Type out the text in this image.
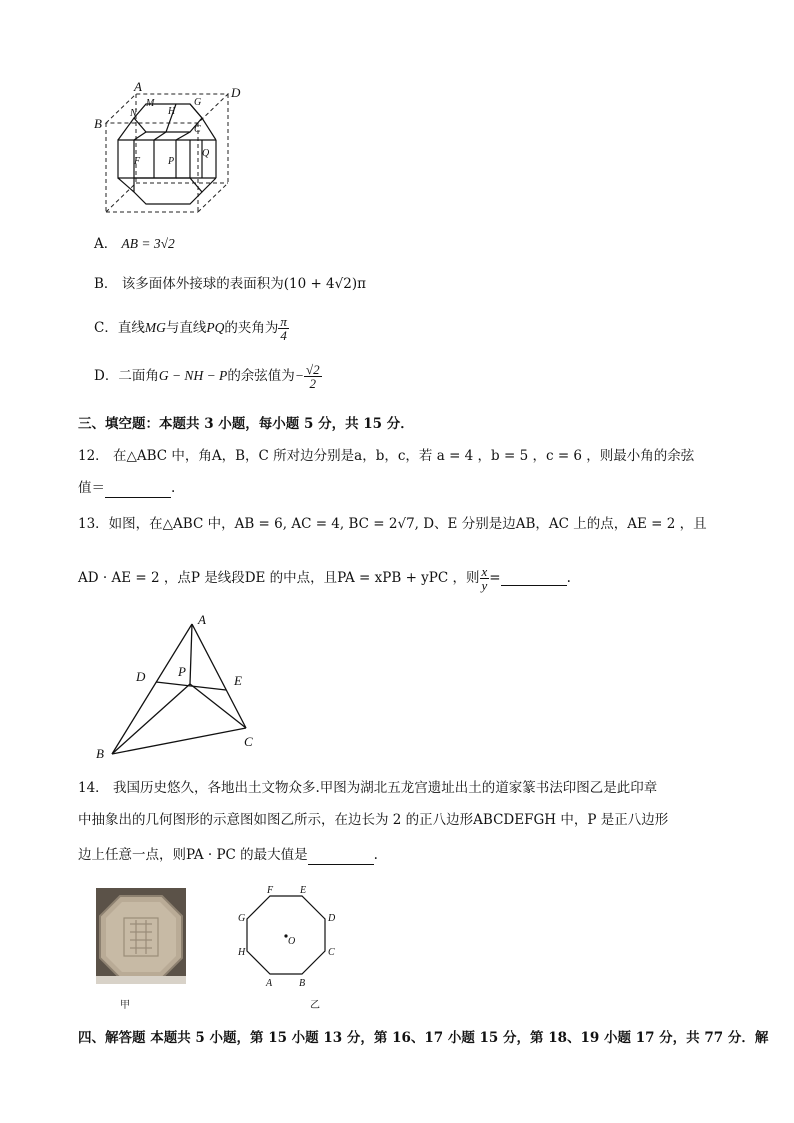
A
B
D
M
N	H
G
C
F	P
Q
A． AB = 3√2
B． 该多面体外接球的表面积为(10 + 4√2)π
C． 直线 MG 与直线 PQ 的夹角为 $\frac{\pi}{4}$
D． 二面角 G − NH − P 的余弦值为 − $\frac{√2}{2}$
三、填空题：本题共 3 小题，每小题 5 分，共 15 分．
12． 在△ABC 中，角A，B，C 所对边分别是a，b，c，若 a = 4 ，b = 5 ，c = 6 ，则最小角的余弦
值＝	.
13．如图，在△ABC 中，AB = 6, AC = 4, BC = 2√7, D、E 分别是边AB，AC 上的点，AE = 2 ，且
AD · AE = 2 ，点P 是线段DE 的中点，且PA = xPB + yPC ，则 $\frac{x}{y}$ =	.
A
B
C
D	E
P
14． 我国历史悠久，各地出土文物众多.甲图为湖北五龙宫遗址出土的道家篆书法印图乙是此印章
中抽象出的几何图形的示意图如图乙所示，在边长为 2 的正八边形ABCDEFGH 中，P 是正八边形
边上任意一点，则PA · PC 的最大值是	.
甲
O
F	E
D
C
B
A
H
G
乙
四、解答题 本题共 5 小题，第 15 小题 13 分，第 16、17 小题 15 分，第 18、19 小题 17 分，共 77 分．解
